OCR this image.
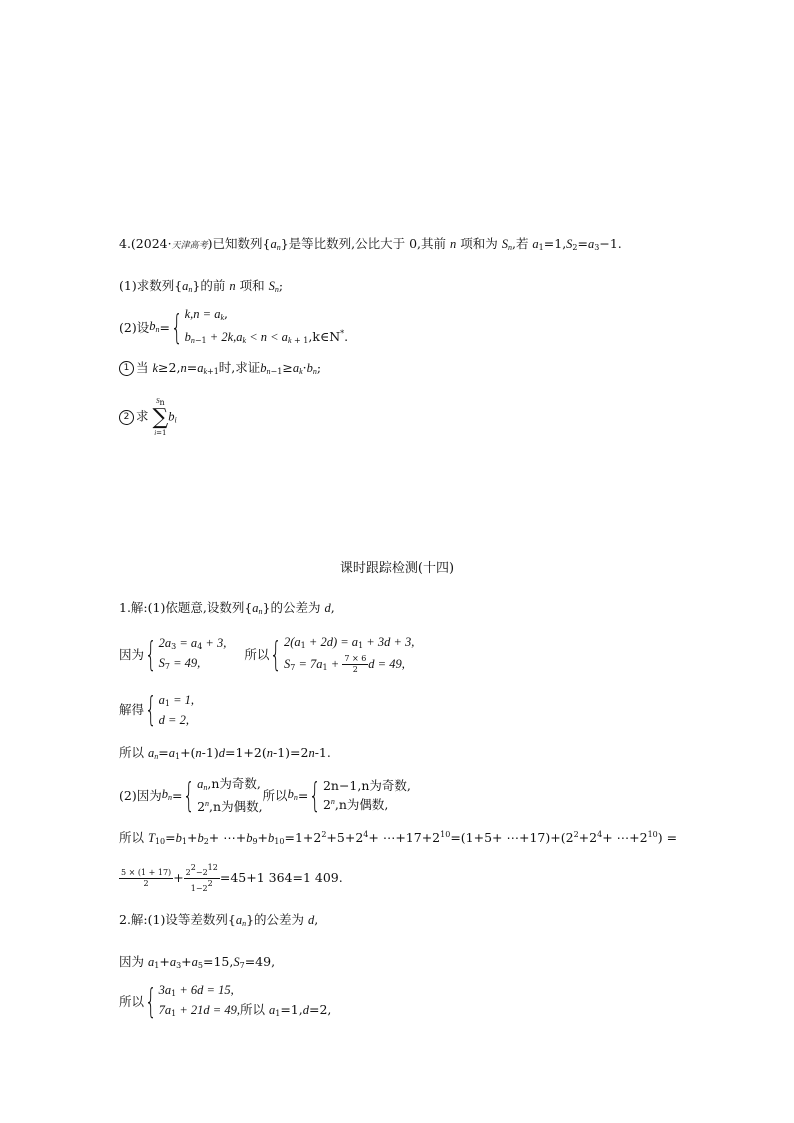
4.(2024·天津高考)已知数列$\{a_n\}$是等比数列,公比大于 0,其前 n 项和为 $S_n$,若 $a_1=1,S_2=a_3-1$.
(1)求数列$\{a_n\}$的前 n 项和 $S_n$;
(2)设 $b_n$ = { $k,n = a_k$,
$b_{n-1} + 2k,a_k < n$ < $a_{k + 1},k\in N^*$.
1 当 $k\ge 2,n=a_{k+1}$时,求证$b_{n-1}\ge a_k\cdot b_n$;
2 求
$S_n$
∑
i=1
$b_i$
课时跟踪检测(十四)
1.解:(1)依题意,设数列$\{a_n\}$的公差为 d,
因为 { $2a_3 = a_4 + 3$,
$S_7 = 49$,
所以 { $2(a_1 + 2d) = a_1 + 3d + 3$,
$S_7 = 7a_1 + \frac{7 \times 6}{2}$ d = 49,
解得 { $a_1 = 1$,
d = 2,
所以 $a_n=a_1+(n-1)d=1+2(n-1)=2n-1$.
(2)因为 $b_n$ = { $a_n,n$为奇数,
2$^n$,n为偶数,
所以 $b_n$ = { 2n−1,n为奇数,
2$^n$,n为偶数,
所以 $T_{10}=b_1+b_2+$ $\cdots+b_9+b_{10}=1+2^2+5+2^4+$ $\cdots+17+2^{10}=(1+5+$ $\cdots+17)+(2^2+2^4+$ $\cdots+2^{10}$) =
$\frac{5 \times (1 + 17)}{2} + \frac{2^2-2^{12}}{1-2^2} =45+1$ 364=1 409.
2.解:(1)设等差数列$\{a_n\}$的公差为 d,
因为 $a_1+a_3+a_5=15,S_7=49$,
所以 { $3a_1 + 6d = 15$,
$7a_1 + 21d = 49$,所以 $a_1=1,d=2$,
